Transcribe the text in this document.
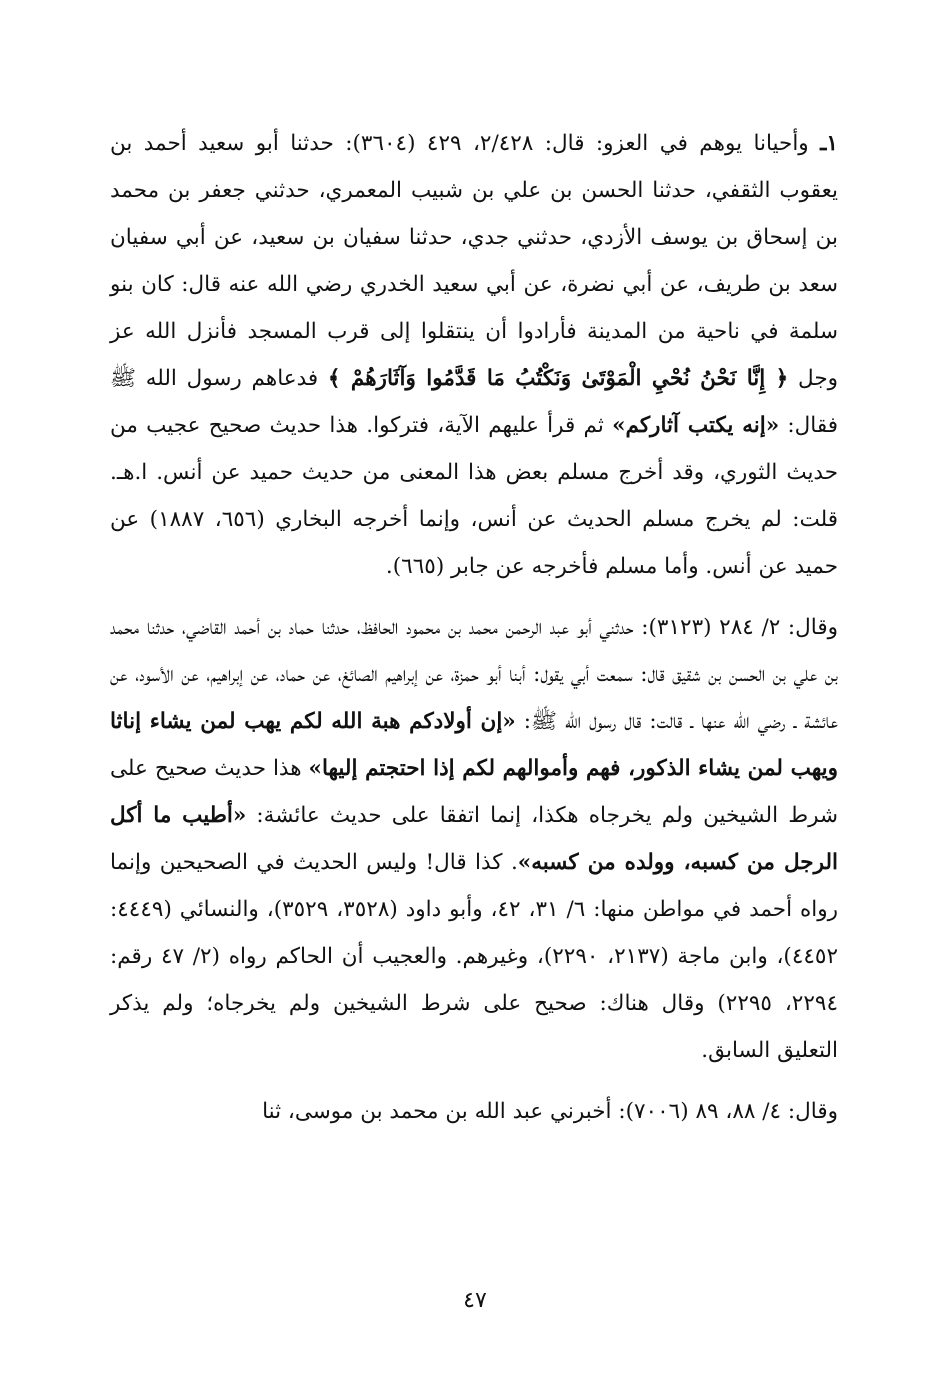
١ـ وأحيانا يوهم في العزو: قال: ٢/٤٢٨، ٤٢٩ (٣٦٠٤): حدثنا أبو سعيد أحمد بن يعقوب الثقفي، حدثنا الحسن بن علي بن شبيب المعمري، حدثني جعفر بن محمد بن إسحاق بن يوسف الأزدي، حدثني جدي، حدثنا سفيان بن سعيد، عن أبي سفيان سعد بن طريف، عن أبي نضرة، عن أبي سعيد الخدري رضي الله عنه قال: كان بنو سلمة في ناحية من المدينة فأرادوا أن ينتقلوا إلى قرب المسجد فأنزل الله عز وجل ﴿ إِنَّا نَحْنُ نُحْيِ الْمَوْتَىٰ وَنَكْتُبُ مَا قَدَّمُوا وَآثَارَهُمْ ﴾ فدعاهم رسول الله ﷺ فقال: «إنه يكتب آثاركم» ثم قرأ عليهم الآية، فتركوا. هذا حديث صحيح عجيب من حديث الثوري، وقد أخرج مسلم بعض هذا المعنى من حديث حميد عن أنس. ا.هـ. قلت: لم يخرج مسلم الحديث عن أنس، وإنما أخرجه البخاري (٦٥٦، ١٨٨٧) عن حميد عن أنس. وأما مسلم فأخرجه عن جابر (٦٦٥).

وقال: ٢/ ٢٨٤ (٣١٢٣): حدثني أبو عبد الرحمن محمد بن محمود الحافظ، حدثنا حماد بن أحمد القاضي، حدثنا محمد بن علي بن الحسن بن شقيق قال: سمعت أبي يقول: أبنا أبو حمزة، عن إبراهيم الصائغ، عن حماد، عن إبراهيم، عن الأسود، عن عائشة ـ رضي الله عنها ـ قالت: قال رسول الله ﷺ: «إن أولادكم هبة الله لكم يهب لمن يشاء إناثا ويهب لمن يشاء الذكور، فهم وأموالهم لكم إذا احتجتم إليها» هذا حديث صحيح على شرط الشيخين ولم يخرجاه هكذا، إنما اتفقا على حديث عائشة: «أطيب ما أكل الرجل من كسبه، وولده من كسبه». كذا قال! وليس الحديث في الصحيحين وإنما رواه أحمد في مواطن منها: ٦/ ٣١، ٤٢، وأبو داود (٣٥٢٨، ٣٥٢٩)، والنسائي (٤٤٤٩: ٤٤٥٢)، وابن ماجة (٢١٣٧، ٢٢٩٠)، وغيرهم. والعجيب أن الحاكم رواه (٢/ ٤٧ رقم: ٢٢٩٤، ٢٢٩٥) وقال هناك: صحيح على شرط الشيخين ولم يخرجاه؛ ولم يذكر التعليق السابق.

وقال: ٤/ ٨٨، ٨٩ (٧٠٠٦): أخبرني عبد الله بن محمد بن موسى، ثنا

٤٧
